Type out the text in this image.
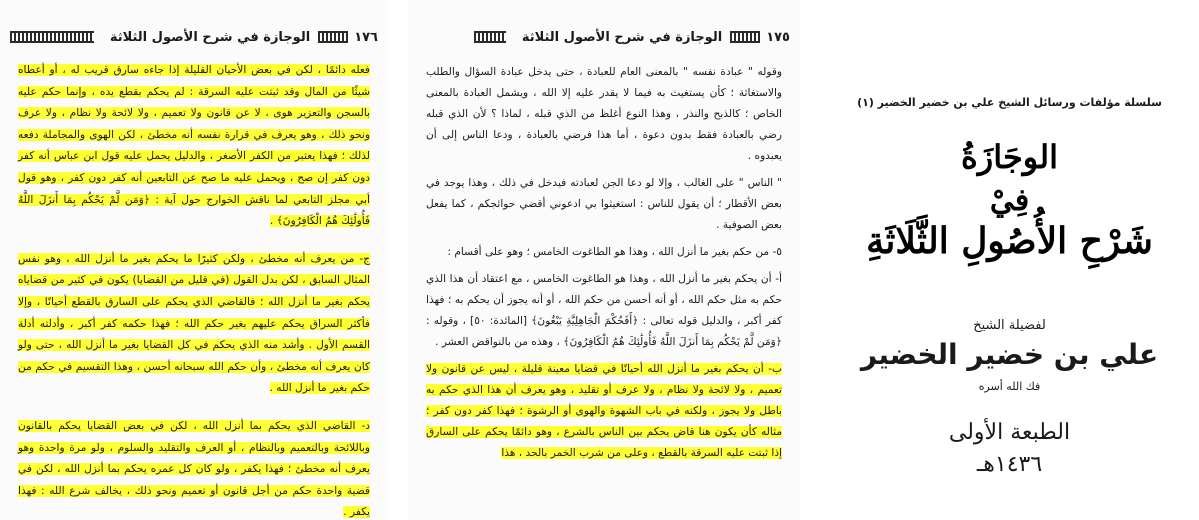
١٧٦
الوجازة في شرح الأصول الثلاثة

فعله دائمًا ، لكن في بعض الأحيان القليلة إذا جاءه سارق قريب له ، أو أعطاه شيئًا من المال وقد ثبتت عليه السرقة : لم يحكم بقطع يده ، وإنما حكم عليه بالسجن والتعزير هوى ، لا عن قانون ولا تعميم ، ولا لائحة ولا نظام ، ولا عرف ونحو ذلك ، وهو يعرف في قرارة نفسه أنه مخطئ ، لكن الهوى والمجاملة دفعه لذلك ؛ فهذا يعتبر من الكفر الأصغر ، والدليل يحمل عليه قول ابن عباس أنه كفر دون كفر إن صح ، ويحمل عليه ما صح عن التابعين أنه كفر دون كفر ، وهو قول أبي مجلز التابعي لما ناقش الخوارج حول آية : ﴿وَمَن لَّمْ يَحْكُم بِمَا أَنزَلَ اللَّهُ فَأُولَٰئِكَ هُمُ الْكَافِرُونَ﴾ .

ج- من يعرف أنه مخطئ ، ولكن كثيرًا ما يحكم بغير ما أنزل الله ، وهو نفس المثال السابق ، لكن بدل القول (في قليل من القضايا) يكون في كثير من قضاياه يحكم بغير ما أنزل الله ؛ فالقاضي الذي يحكم على السارق بالقطع أحيانًا ، وإلا فأكثر السراق يحكم عليهم بغير حكم الله ؛ فهذا حكمه كفر أكبر ، وأدلته أدلة القسم الأول . وأشد منه الذي يحكم في كل القضايا بغير ما أنزل الله ، حتى ولو كان يعرف أنه مخطئ ، وأن حكم الله سبحانه أحسن ، وهذا التقسيم في حكم من حكم بغير ما أنزل الله .

د- القاضي الذي يحكم بما أنزل الله ، لكن في بعض القضايا يحكم بالقانون وباللائحة وبالتعميم وبالنظام ، أو العرف والتقليد والسلوم ، ولو مرة واحدة وهو يعرف أنه مخطئ ؛ فهذا يكفر ، ولو كان كل عمره يحكم بما أنزل الله ، لكن في قضية واحدة حكم من أجل قانون أو تعميم ونحو ذلك ، يخالف شرع الله : فهذا يكفر .

١٧٥
الوجازة في شرح الأصول الثلاثة

وقوله " عبادة نفسه " بالمعنى العام للعبادة ، حتى يدخل عبادة السؤال والطلب والاستغاثة ؛ كأن يستغيث به فيما لا يقدر عليه إلا الله ، ويشمل العبادة بالمعنى الخاص ؛ كالذبح والنذر ، وهذا النوع أغلظ من الذي قبله ، لماذا ؟ لأن الذي قبله رضي بالعبادة فقط بدون دعوة ، أما هذا فرضي بالعبادة ، ودعا الناس إلى أن يعبدوه .

" الناس " على الغالب ، وإلا لو دعا الجن لعبادته فيدخل في ذلك ، وهذا يوجد في بعض الأقطار ؛ أن يقول للناس : استغيثوا بي ادعوني أقضي حوائجكم ، كما يفعل بعض الصوفية .

٥- من حكم بغير ما أنزل الله ، وهذا هو الطاغوت الخامس ؛ وهو على أقسام :

أ- أن يحكم بغير ما أنزل الله ، وهذا هو الطاغوت الخامس ، مع اعتقاد أن هذا الذي حكم به مثل حكم الله ، أو أنه أحسن من حكم الله ، أو أنه يجوز أن يحكم به ؛ فهذا كفر أكبر ، والدليل قوله تعالى : ﴿أَفَحُكْمَ الْجَاهِلِيَّةِ يَبْغُونَ﴾ [المائدة: ٥٠] ، وقوله : ﴿وَمَن لَّمْ يَحْكُم بِمَا أَنزَلَ اللَّهُ فَأُولَٰئِكَ هُمُ الْكَافِرُونَ﴾ ، وهذه من بالنواقض العشر .

ب- أن يحكم بغير ما أنزل الله أحيانًا في قضايا معينة قليلة ، ليس عن قانون ولا تعميم ، ولا لائحة ولا نظام ، ولا عرف أو تقليد ، وهو يعرف أن هذا الذي حكم به باطل ولا يجوز ، ولكنه في باب الشهوة والهوى أو الرشوة ؛ فهذا كفر دون كفر ؛ مثاله كأن يكون هنا قاض يحكم بين الناس بالشرع ، وهو دائمًا يحكم على السارق إذا ثبتت عليه السرقة بالقطع ، وعلى من شرب الخمر بالحد ، هذا

سلسلة مؤلفات ورسائل الشيخ علي بن خضير الخضير (١)
الوجَازَةُ
فِيْ
شَرْحِ الأُصُولِ الثَّلَاثَةِ
لفضيلة الشيخ
علي بن خضير الخضير
فك الله أسره
الطبعة الأولى
١٤٣٦هـ
